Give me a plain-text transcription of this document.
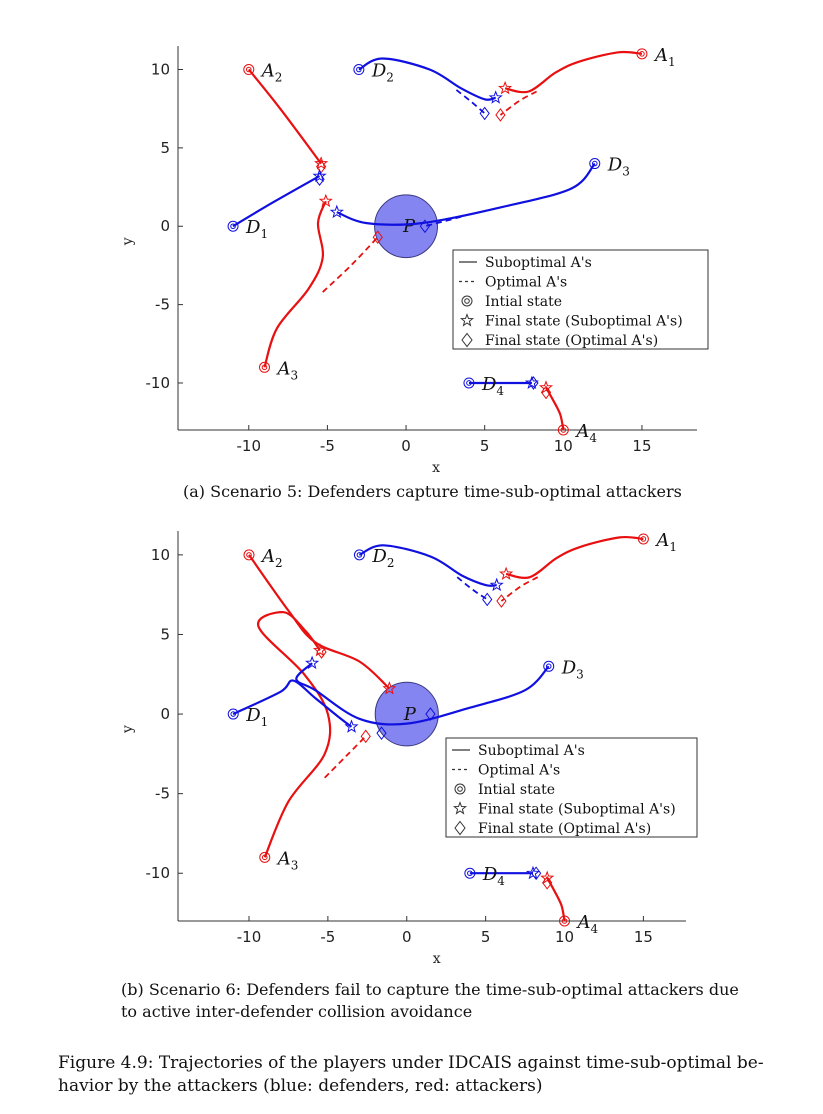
-10	-5	0	5	10	15
10
5
0
-5
-10
x
y
P
$A_1$
$A_2$
$A_3$
$A_4$
$D_1$
$D_2$
$D_3$
$D_4$
Suboptimal A's
Optimal A's
Intial state
Final state (Suboptimal A's)
Final state (Optimal A's)
-10	-5	0	5	10	15
10
5
0
-5
-10
x
y
P
$A_1$
$A_2$
$A_3$
$A_4$
$D_1$
$D_2$
$D_3$
$D_4$
Suboptimal A's
Optimal A's
Intial state
Final state (Suboptimal A's)
Final state (Optimal A's)
(a) Scenario 5: Defenders capture time-sub-optimal attackers
(b) Scenario 6: Defenders fail to capture the time-sub-optimal attackers due
to active inter-defender collision avoidance
Figure 4.9: Trajectories of the players under IDCAIS against time-sub-optimal be-
havior by the attackers (blue: defenders, red: attackers)
